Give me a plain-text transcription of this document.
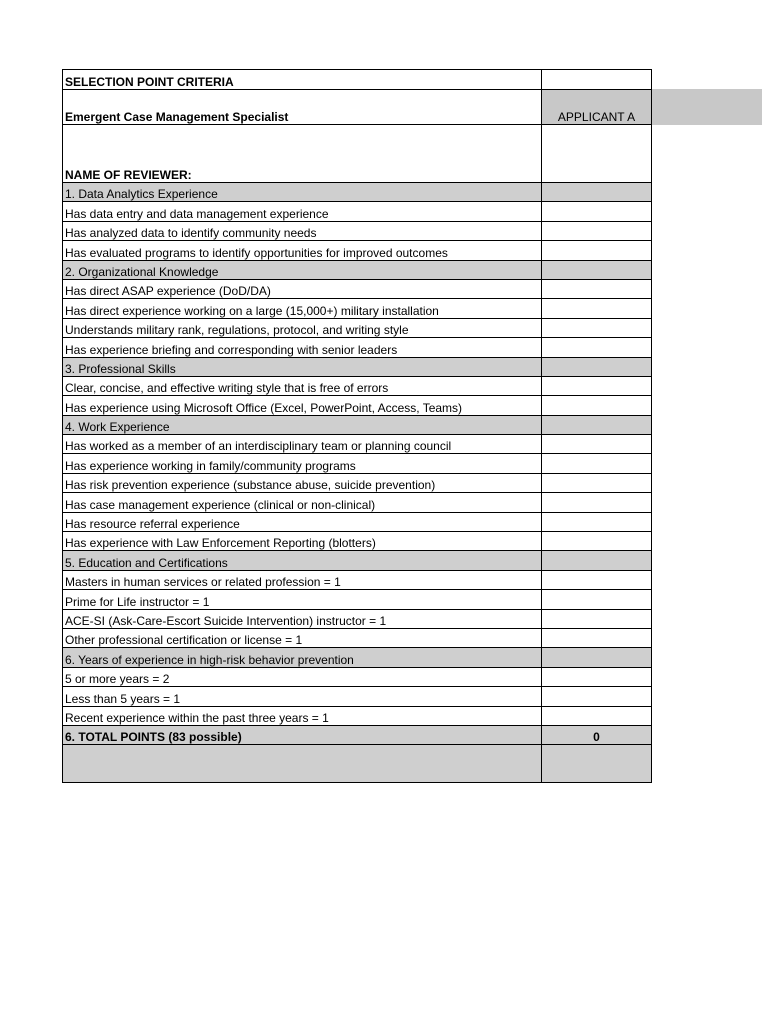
SELECTION POINT CRITERIA	
Emergent Case Management Specialist	APPLICANT A
NAME OF REVIEWER:	
1. Data Analytics Experience	
Has data entry and data management experience	
Has analyzed data to identify community needs	
Has evaluated programs to identify opportunities for improved outcomes	
2. Organizational Knowledge	
Has direct ASAP experience (DoD/DA)	
Has direct experience working on a large (15,000+) military installation	
Understands military rank, regulations, protocol, and writing style	
Has experience briefing and corresponding with senior leaders	
3. Professional Skills	
Clear, concise, and effective writing style that is free of errors	
Has experience using Microsoft Office (Excel, PowerPoint, Access, Teams)	
4. Work Experience	
Has worked as a member of an interdisciplinary team or planning council	
Has experience working in family/community programs	
Has risk prevention experience (substance abuse, suicide prevention)	
Has case management experience (clinical or non-clinical)	
Has resource referral experience	
Has experience with Law Enforcement Reporting (blotters)	
5. Education and Certifications	
Masters in human services or related profession = 1	
Prime for Life instructor = 1	
ACE-SI (Ask-Care-Escort Suicide Intervention) instructor = 1	
Other professional certification or license = 1	
6. Years of experience in high-risk behavior prevention	
5 or more years = 2	
Less than 5 years = 1	
Recent experience within the past three years = 1	
6. TOTAL POINTS (83 possible)	0
